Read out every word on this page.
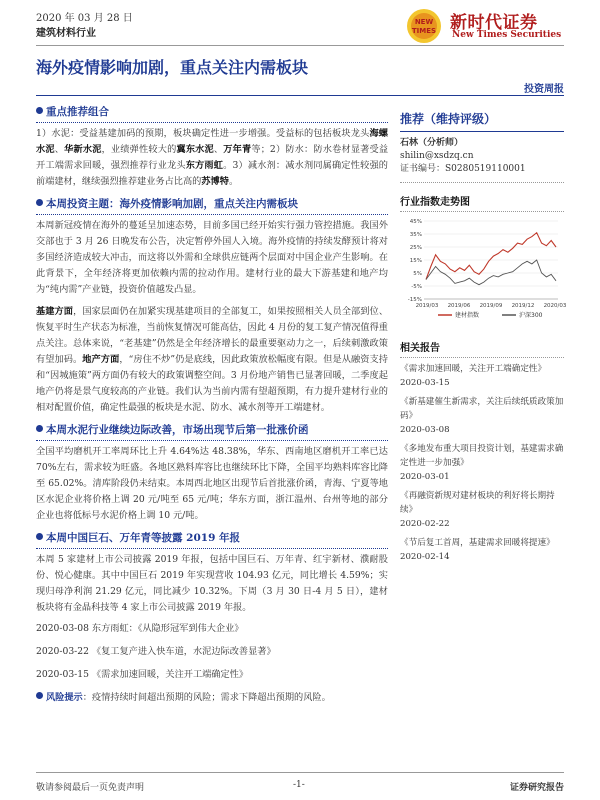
2020 年 03 月 28 日
建筑材料行业
NEW
TIMES 新时代证券
New Times Securities
海外疫情影响加剧，重点关注内需板块
投资周报
重点推荐组合
1）水泥：受益基建加码的预期，板块确定性进一步增强。受益标的包括板块龙头海螺水泥、华新水泥，业绩弹性较大的冀东水泥、万年青等；2）防水：防水卷材显著受益开工端需求回暖，强烈推荐行业龙头东方雨虹。3）减水剂：减水剂同属确定性较强的前端建材，继续强烈推荐建业务占比高的苏博特。
本周投资主题：海外疫情影响加剧，重点关注内需板块
本周新冠疫情在海外的蔓延呈加速态势，目前多国已经开始实行强力管控措施。我国外交部也于 3 月 26 日晚发布公告，决定暂停外国人入境。海外疫情的持续发酵预计将对多国经济造成较大冲击，而这将以外需和全球供应链两个层面对中国企业产生影响。在此背景下，全年经济将更加依赖内需的拉动作用。建材行业的最大下游基建和地产均为“纯内需”产业链，投资价值越发凸显。
基建方面，国家层面仍在加紧实现基建项目的全部复工，如果按照相关人员全部到位、恢复平时生产状态为标准，当前恢复情况可能高估，因此 4 月份的复工复产情况值得重点关注。总体来说，“老基建”仍然是全年经济增长的最重要驱动力之一，后续刺激政策有望加码。地产方面，“房住不炒”仍是底线，因此政策放松幅度有限。但是从融资支持和“因城施策”两方面仍有较大的政策调整空间。3 月份地产销售已显著回暖，二季度起地产仍将是景气度较高的产业链。我们认为当前内需有望超预期，有力提升建材行业的相对配置价值，确定性最强的板块是水泥、防水、减水剂等开工端建材。
本周水泥行业继续边际改善，市场出现节后第一批涨价函
全国平均磨机开工率周环比上升 4.64%达 48.38%，华东、西南地区磨机开工率已达 70%左右，需求较为旺盛。各地区熟料库容比也继续环比下降，全国平均熟料库容比降至 65.02%。清库阶段仍未结束。本周西北地区出现节后首批涨价函，青海、宁夏等地区水泥企业将价格上调 20 元/吨至 65 元/吨；华东方面，浙江温州、台州等地的部分企业也将低标号水泥价格上调 10 元/吨。
本周中国巨石、万年青等披露 2019 年报
本周 5 家建材上市公司披露 2019 年报，包括中国巨石、万年青、红宇新材、濮耐股份、悦心健康。其中中国巨石 2019 年实现营收 104.93 亿元，同比增长 4.59%；实现归母净利润 21.29 亿元，同比减少 10.32%。下周（3 月 30 日-4 月 5 日），建材板块将有金晶科技等 4 家上市公司披露 2019 年报。
2020-03-08 东方雨虹：《从隐形冠军到伟大企业》
2020-03-22 《复工复产进入快车道，水泥边际改善显著》
2020-03-15 《需求加速回暖，关注开工端确定性》
风险提示：疫情持续时间超出预期的风险；需求下降超出预期的风险。
推荐（维持评级）
石林（分析师）
shilin@xsdzq.cn
证书编号：S0280519110001
行业指数走势图
45%
35%
25%
15%
5%
-5%
-15%
2019/03 2019/06 2019/09 2019/12 2020/03
建材指数	沪深300
相关报告
《需求加速回暖，关注开工端确定性》
2020-03-15
《新基建催生新需求，关注后续纸质政策加码》
2020-03-08
《多地发布重大项目投资计划，基建需求确定性进一步加强》
2020-03-01
《再融资新规对建材板块的利好将长期持续》
2020-02-22
《节后复工首周，基建需求回暖将提速》
2020-02-14
敬请参阅最后一页免责声明	-1-	证券研究报告
